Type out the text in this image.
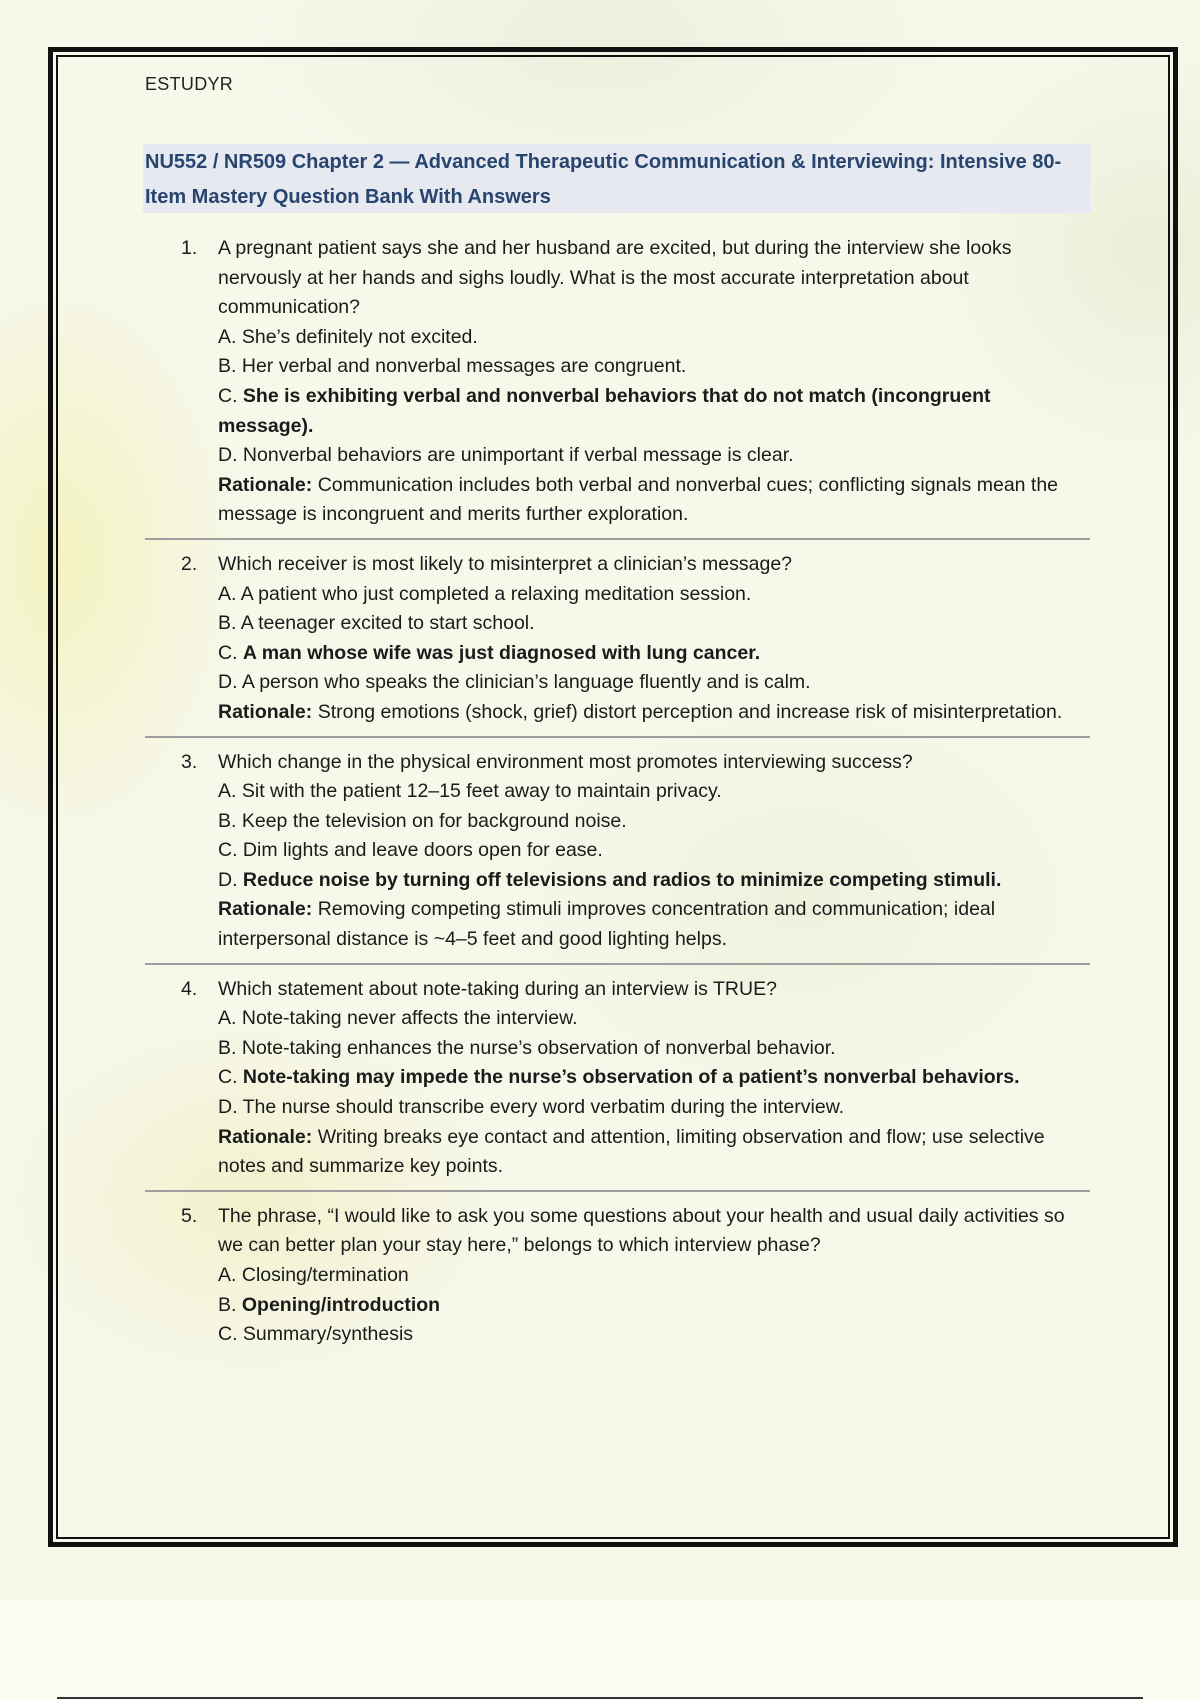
ESTUDYR
NU552 / NR509 Chapter 2 — Advanced Therapeutic Communication & Interviewing: Intensive 80-Item Mastery Question Bank With Answers
1. A pregnant patient says she and her husband are excited, but during the interview she looks nervously at her hands and sighs loudly. What is the most accurate interpretation about communication?
A. She’s definitely not excited.
B. Her verbal and nonverbal messages are congruent.
C. She is exhibiting verbal and nonverbal behaviors that do not match (incongruent message).
D. Nonverbal behaviors are unimportant if verbal message is clear.
Rationale: Communication includes both verbal and nonverbal cues; conflicting signals mean the message is incongruent and merits further exploration.
2. Which receiver is most likely to misinterpret a clinician’s message?
A. A patient who just completed a relaxing meditation session.
B. A teenager excited to start school.
C. A man whose wife was just diagnosed with lung cancer.
D. A person who speaks the clinician’s language fluently and is calm.
Rationale: Strong emotions (shock, grief) distort perception and increase risk of misinterpretation.
3. Which change in the physical environment most promotes interviewing success?
A. Sit with the patient 12–15 feet away to maintain privacy.
B. Keep the television on for background noise.
C. Dim lights and leave doors open for ease.
D. Reduce noise by turning off televisions and radios to minimize competing stimuli.
Rationale: Removing competing stimuli improves concentration and communication; ideal interpersonal distance is ~4–5 feet and good lighting helps.
4. Which statement about note-taking during an interview is TRUE?
A. Note-taking never affects the interview.
B. Note-taking enhances the nurse’s observation of nonverbal behavior.
C. Note-taking may impede the nurse’s observation of a patient’s nonverbal behaviors.
D. The nurse should transcribe every word verbatim during the interview.
Rationale: Writing breaks eye contact and attention, limiting observation and flow; use selective notes and summarize key points.
5. The phrase, “I would like to ask you some questions about your health and usual daily activities so we can better plan your stay here,” belongs to which interview phase?
A. Closing/termination
B. Opening/introduction
C. Summary/synthesis
